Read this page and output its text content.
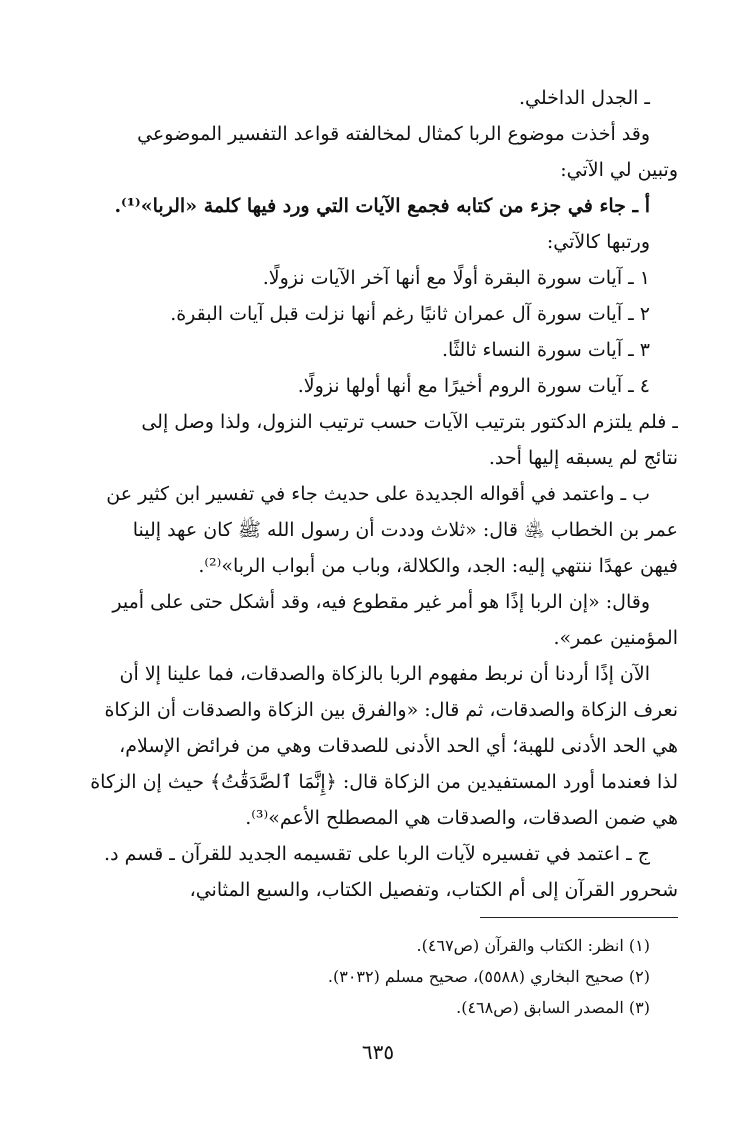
ـ الجدل الداخلي.

وقد أخذت موضوع الربا كمثال لمخالفته قواعد التفسير الموضوعي

وتبين لي الآتي:

أ ـ جاء في جزء من كتابه فجمع الآيات التي ورد فيها كلمة «الربا»⁽¹⁾.

ورتبها كالآتي:

١ ـ آيات سورة البقرة أولًا مع أنها آخر الآيات نزولًا.

٢ ـ آيات سورة آل عمران ثانيًا رغم أنها نزلت قبل آيات البقرة.

٣ ـ آيات سورة النساء ثالثًا.

٤ ـ آيات سورة الروم أخيرًا مع أنها أولها نزولًا.

ـ فلم يلتزم الدكتور بترتيب الآيات حسب ترتيب النزول، ولذا وصل إلى

نتائج لم يسبقه إليها أحد.

ب ـ واعتمد في أقواله الجديدة على حديث جاء في تفسير ابن كثير عن

عمر بن الخطاب ﵁ قال: «ثلاث وددت أن رسول الله ﷺ كان عهد إلينا

فيهن عهدًا ننتهي إليه: الجد، والكلالة، وباب من أبواب الربا»⁽²⁾.

وقال: «إن الربا إذًا هو أمر غير مقطوع فيه، وقد أشكل حتى على أمير

المؤمنين عمر».

الآن إذًا أردنا أن نربط مفهوم الربا بالزكاة والصدقات، فما علينا إلا أن

نعرف الزكاة والصدقات، ثم قال: «والفرق بين الزكاة والصدقات أن الزكاة

هي الحد الأدنى للهبة؛ أي الحد الأدنى للصدقات وهي من فرائض الإسلام،

لذا فعندما أورد المستفيدين من الزكاة قال: ﴿إِنَّمَا ٱلصَّدَقَٰتُ﴾ حيث إن الزكاة

هي ضمن الصدقات، والصدقات هي المصطلح الأعم»⁽³⁾.

ج ـ اعتمد في تفسيره لآيات الربا على تقسيمه الجديد للقرآن ـ قسم د.

شحرور القرآن إلى أم الكتاب، وتفصيل الكتاب، والسبع المثاني،

(١) انظر: الكتاب والقرآن (ص٤٦٧).

(٢) صحيح البخاري (٥٥٨٨)، صحيح مسلم (٣٠٣٢).

(٣) المصدر السابق (ص٤٦٨).

٦٣٥
